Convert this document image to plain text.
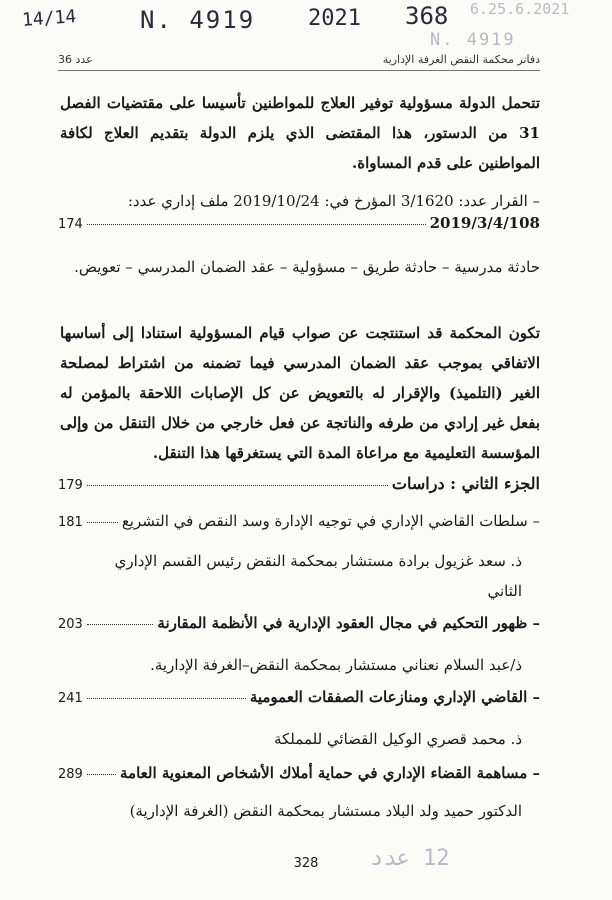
14/14	N. 4919 2021 368 6.25.6.2021
N. 4919
دفاتر محكمة النقض الغرفة الإدارية
عدد 36
تتحمل الدولة مسؤولية توفير العلاج للمواطنين تأسيسا على مقتضيات الفصل 31 من الدستور، هذا المقتضى الذي يلزم الدولة بتقديم العلاج لكافة المواطنين على قدم المساواة.
– القرار عدد: 3/1620 المؤرخ في: 2019/10/24 ملف إداري عدد:
2019/3/4/108
174
حادثة مدرسية – حادثة طريق – مسؤولية – عقد الضمان المدرسي – تعويض.
تكون المحكمة قد استنتجت عن صواب قيام المسؤولية استنادا إلى أساسها الاتفاقي بموجب عقد الضمان المدرسي فيما تضمنه من اشتراط لمصلحة الغير (التلميذ) والإقرار له بالتعويض عن كل الإصابات اللاحقة بالمؤمن له بفعل غير إرادي من طرفه والناتجة عن فعل خارجي من خلال التنقل من وإلى المؤسسة التعليمية مع مراعاة المدة التي يستغرقها هذا التنقل.
الجزء الثاني : دراسات
179
– سلطات القاضي الإداري في توجيه الإدارة وسد النقص في التشريع
181
ذ. سعد غزيول برادة مستشار بمحكمة النقض رئيس القسم الإداري الثاني
– ظهور التحكيم في مجال العقود الإدارية في الأنظمة المقارنة
203
ذ/عبد السلام نعناني مستشار بمحكمة النقض–الغرفة الإدارية.
– القاضي الإداري ومنازعات الصفقات العمومية
241
ذ. محمد قصري الوكيل القضائي للمملكة
– مساهمة القضاء الإداري في حماية أملاك الأشخاص المعنوية العامة
289
الدكتور حميد ولد البلاد مستشار بمحكمة النقض (الغرفة الإدارية)
328	12 عدد
